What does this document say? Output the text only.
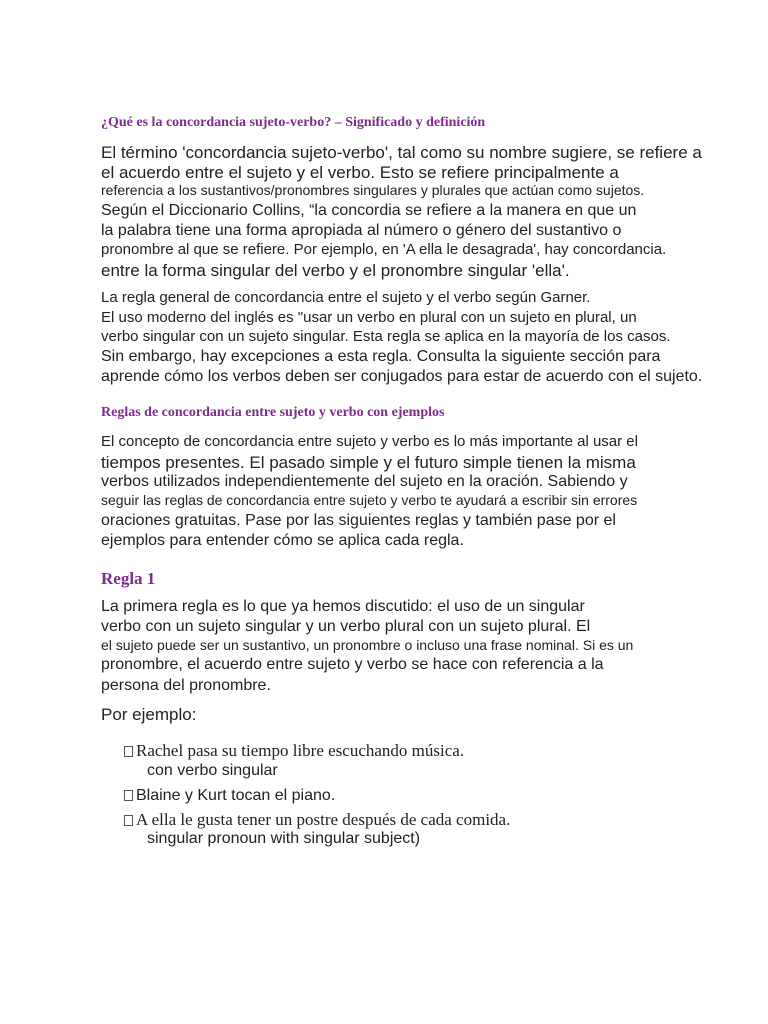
¿Qué es la concordancia sujeto-verbo? – Significado y definición
El término 'concordancia sujeto-verbo', tal como su nombre sugiere, se refiere a
el acuerdo entre el sujeto y el verbo. Esto se refiere principalmente a
referencia a los sustantivos/pronombres singulares y plurales que actúan como sujetos.
Según el Diccionario Collins, “la concordia se refiere a la manera en que un
la palabra tiene una forma apropiada al número o género del sustantivo o
pronombre al que se refiere. Por ejemplo, en 'A ella le desagrada', hay concordancia.
entre la forma singular del verbo y el pronombre singular 'ella'.
La regla general de concordancia entre el sujeto y el verbo según Garner.
El uso moderno del inglés es "usar un verbo en plural con un sujeto en plural, un
verbo singular con un sujeto singular. Esta regla se aplica en la mayoría de los casos.
Sin embargo, hay excepciones a esta regla. Consulta la siguiente sección para
aprende cómo los verbos deben ser conjugados para estar de acuerdo con el sujeto.
Reglas de concordancia entre sujeto y verbo con ejemplos
El concepto de concordancia entre sujeto y verbo es lo más importante al usar el
tiempos presentes. El pasado simple y el futuro simple tienen la misma
verbos utilizados independientemente del sujeto en la oración. Sabiendo y
seguir las reglas de concordancia entre sujeto y verbo te ayudará a escribir sin errores
oraciones gratuitas. Pase por las siguientes reglas y también pase por el
ejemplos para entender cómo se aplica cada regla.
Regla 1
La primera regla es lo que ya hemos discutido: el uso de un singular
verbo con un sujeto singular y un verbo plural con un sujeto plural. El
el sujeto puede ser un sustantivo, un pronombre o incluso una frase nominal. Si es un
pronombre, el acuerdo entre sujeto y verbo se hace con referencia a la
persona del pronombre.
Por ejemplo:
Rachel pasa su tiempo libre escuchando música.
con verbo singular
Blaine y Kurt tocan el piano.
A ella le gusta tener un postre después de cada comida.
singular pronoun with singular subject)
